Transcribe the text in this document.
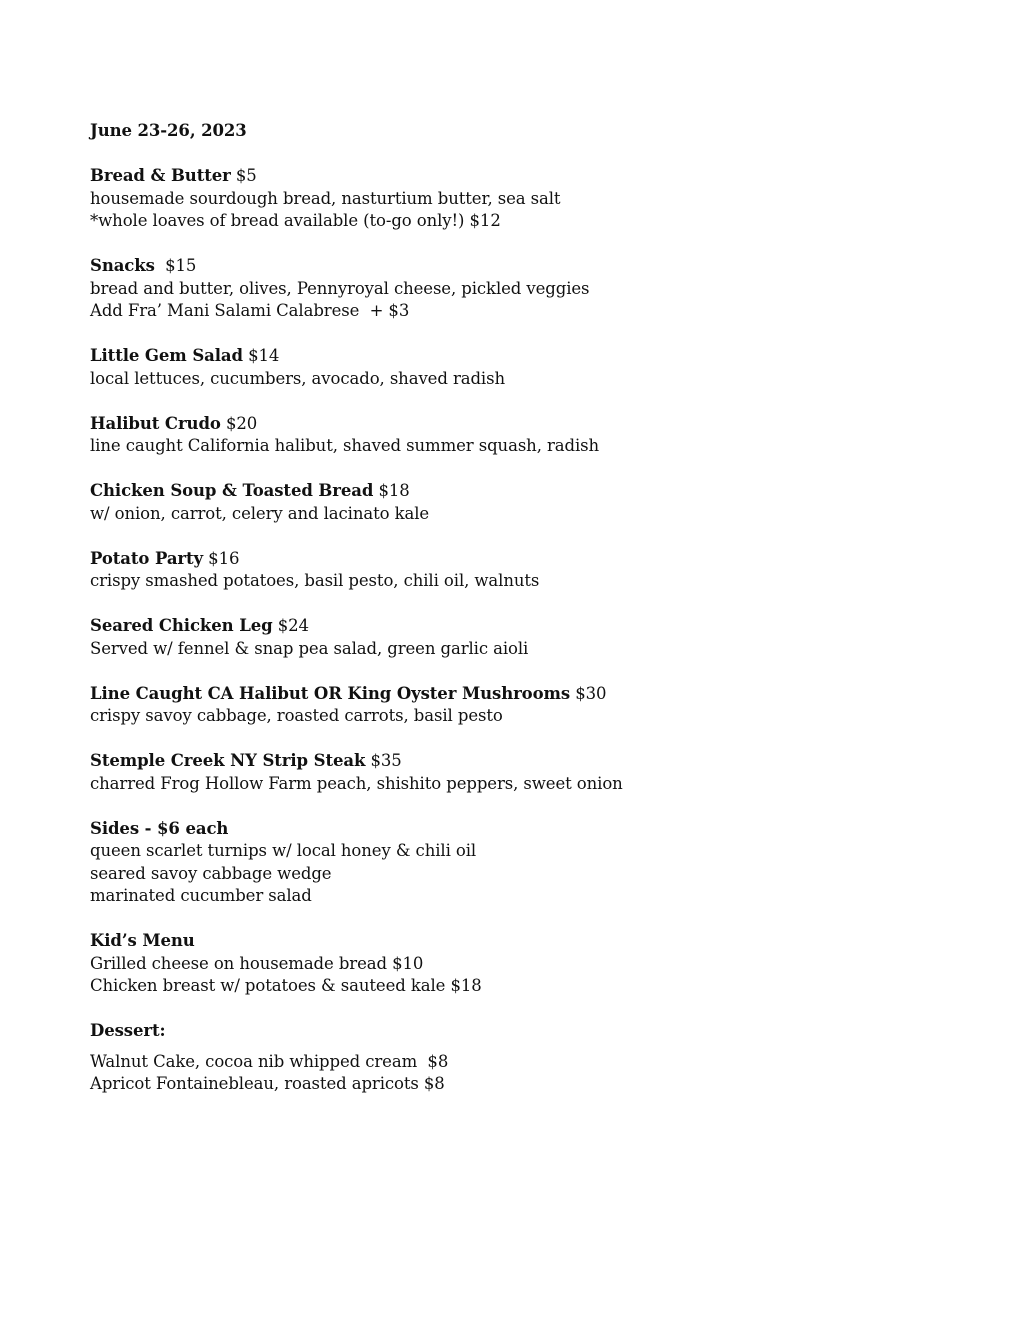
June 23-26, 2023
Bread & Butter $5
housemade sourdough bread, nasturtium butter, sea salt
*whole loaves of bread available (to-go only!) $12
Snacks  $15
bread and butter, olives, Pennyroyal cheese, pickled veggies
Add Fra’ Mani Salami Calabrese  + $3
Little Gem Salad $14
local lettuces, cucumbers, avocado, shaved radish
Halibut Crudo $20
line caught California halibut, shaved summer squash, radish
Chicken Soup & Toasted Bread $18
w/ onion, carrot, celery and lacinato kale
Potato Party $16
crispy smashed potatoes, basil pesto, chili oil, walnuts
Seared Chicken Leg $24
Served w/ fennel & snap pea salad, green garlic aioli
Line Caught CA Halibut OR King Oyster Mushrooms $30
crispy savoy cabbage, roasted carrots, basil pesto
Stemple Creek NY Strip Steak $35
charred Frog Hollow Farm peach, shishito peppers, sweet onion
Sides - $6 each
queen scarlet turnips w/ local honey & chili oil
seared savoy cabbage wedge
marinated cucumber salad
Kid’s Menu
Grilled cheese on housemade bread $10
Chicken breast w/ potatoes & sauteed kale $18
Dessert:
Walnut Cake, cocoa nib whipped cream  $8
Apricot Fontainebleau, roasted apricots $8
